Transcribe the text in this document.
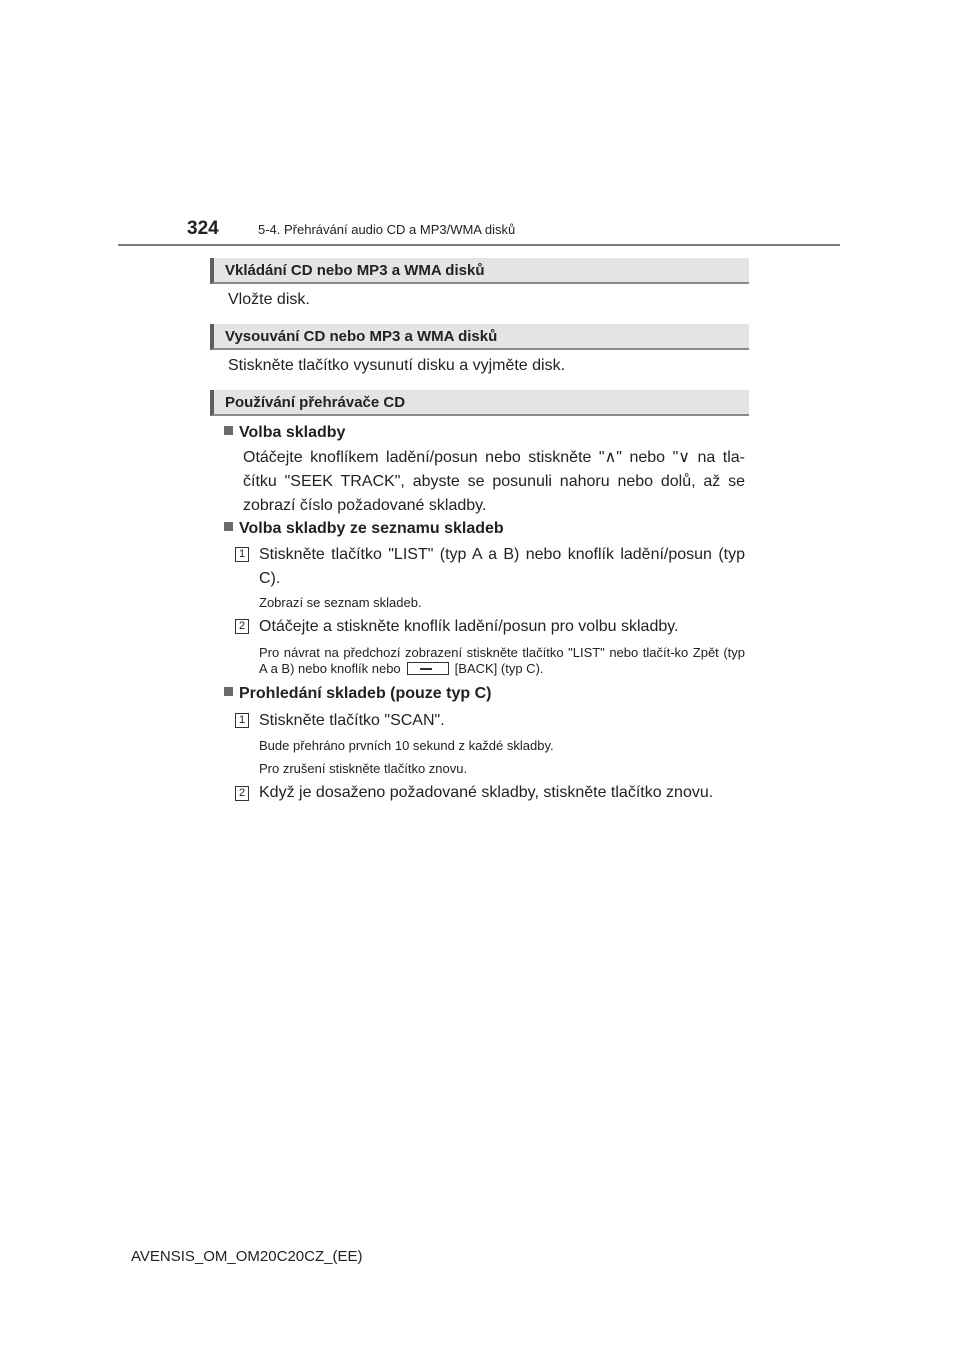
324	5-4. Přehrávání audio CD a MP3/WMA disků
Vkládání CD nebo MP3 a WMA disků
Vložte disk.
Vysouvání CD nebo MP3 a WMA disků
Stiskněte tlačítko vysunutí disku a vyjměte disk.
Používání přehrávače CD
Volba skladby
Otáčejte knoflíkem ladění/posun nebo stiskněte "∧" nebo "∨ na tla-čítku "SEEK TRACK", abyste se posunuli nahoru nebo dolů, až se zobrazí číslo požadované skladby.
Volba skladby ze seznamu skladeb
1 Stiskněte tlačítko "LIST" (typ A a B) nebo knoflík ladění/posun (typ C).
Zobrazí se seznam skladeb.
2 Otáčejte a stiskněte knoflík ladění/posun pro volbu skladby.
Pro návrat na předchozí zobrazení stiskněte tlačítko "LIST" nebo tlačít-ko Zpět (typ A a B) nebo knoflík nebo	[BACK] (typ C).
Prohledání skladeb (pouze typ C)
1 Stiskněte tlačítko "SCAN".
Bude přehráno prvních 10 sekund z každé skladby.
Pro zrušení stiskněte tlačítko znovu.
2 Když je dosaženo požadované skladby, stiskněte tlačítko znovu.
AVENSIS_OM_OM20C20CZ_(EE)
